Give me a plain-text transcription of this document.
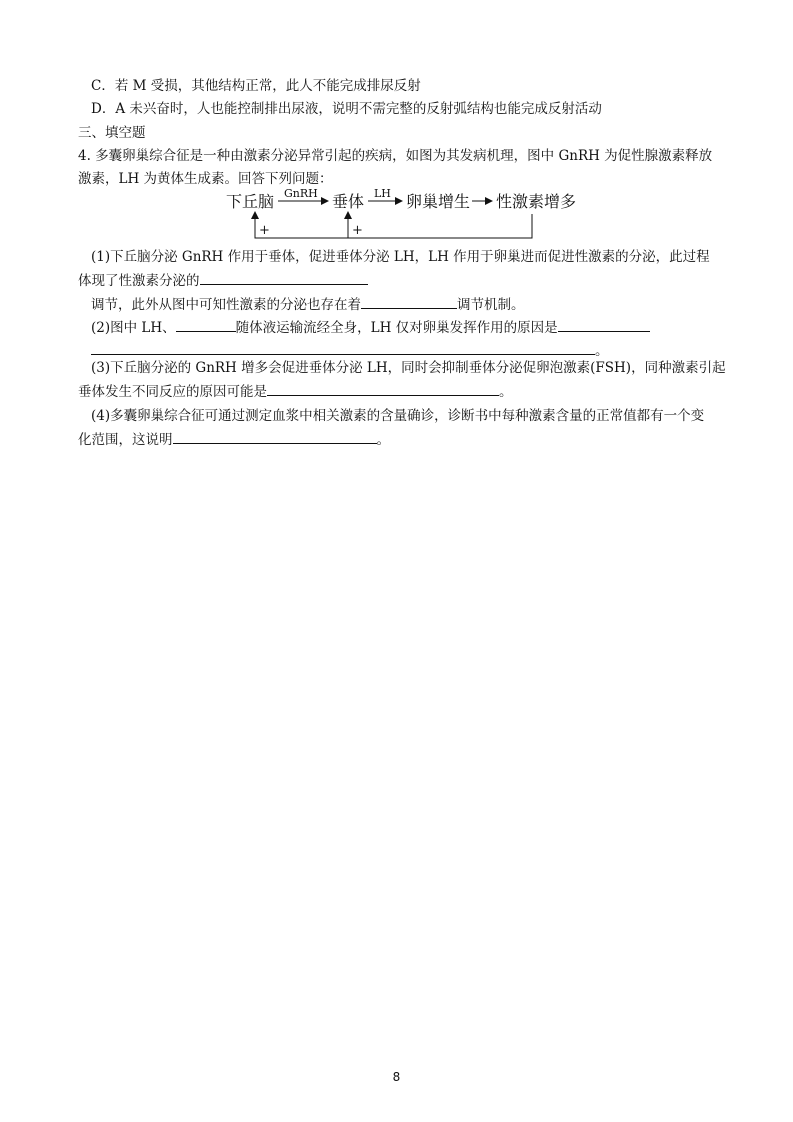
C．若 M 受损，其他结构正常，此人不能完成排尿反射
D．A 未兴奋时，人也能控制排出尿液，说明不需完整的反射弧结构也能完成反射活动
三、填空题
4. 多囊卵巢综合征是一种由激素分泌异常引起的疾病，如图为其发病机理，图中 GnRH 为促性腺激素释放
激素，LH 为黄体生成素。回答下列问题：
下丘脑 GnRH 垂体 LH 卵巢增生 性激素增多
+	+
(1)下丘脑分泌 GnRH 作用于垂体，促进垂体分泌 LH，LH 作用于卵巢进而促进性激素的分泌，此过程
体现了性激素分泌的
调节，此外从图中可知性激素的分泌也存在着	调节机制。
(2)图中 LH、	随体液运输流经全身，LH 仅对卵巢发挥作用的原因是
。
(3)下丘脑分泌的 GnRH 增多会促进垂体分泌 LH，同时会抑制垂体分泌促卵泡激素(FSH)，同种激素引起
垂体发生不同反应的原因可能是	。
(4)多囊卵巢综合征可通过测定血浆中相关激素的含量确诊，诊断书中每种激素含量的正常值都有一个变
化范围，这说明	。
8
